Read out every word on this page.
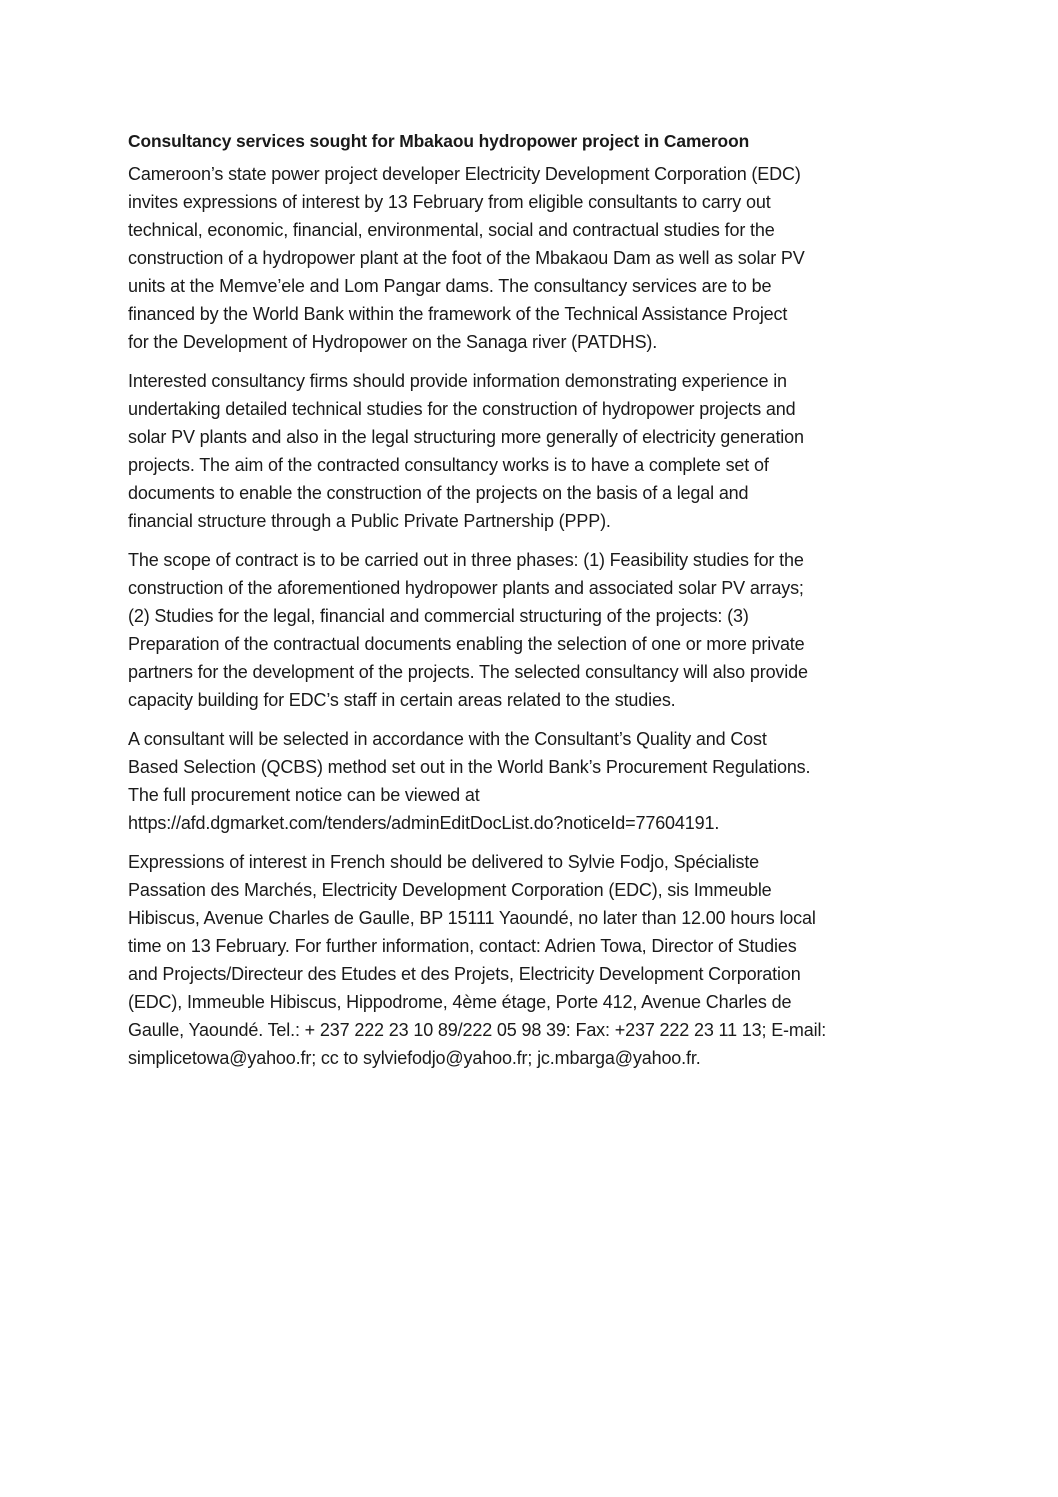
Consultancy services sought for Mbakaou hydropower project in Cameroon
Cameroon’s state power project developer Electricity Development Corporation (EDC)
invites expressions of interest by 13 February from eligible consultants to carry out
technical, economic, financial, environmental, social and contractual studies for the
construction of a hydropower plant at the foot of the Mbakaou Dam as well as solar PV
units at the Memve’ele and Lom Pangar dams. The consultancy services are to be
financed by the World Bank within the framework of the Technical Assistance Project
for the Development of Hydropower on the Sanaga river (PATDHS).
Interested consultancy firms should provide information demonstrating experience in
undertaking detailed technical studies for the construction of hydropower projects and
solar PV plants and also in the legal structuring more generally of electricity generation
projects. The aim of the contracted consultancy works is to have a complete set of
documents to enable the construction of the projects on the basis of a legal and
financial structure through a Public Private Partnership (PPP).
The scope of contract is to be carried out in three phases: (1) Feasibility studies for the
construction of the aforementioned hydropower plants and associated solar PV arrays;
(2) Studies for the legal, financial and commercial structuring of the projects: (3)
Preparation of the contractual documents enabling the selection of one or more private
partners for the development of the projects. The selected consultancy will also provide
capacity building for EDC’s staff in certain areas related to the studies.
A consultant will be selected in accordance with the Consultant’s Quality and Cost
Based Selection (QCBS) method set out in the World Bank’s Procurement Regulations.
The full procurement notice can be viewed at
https://afd.dgmarket.com/tenders/adminEditDocList.do?noticeId=77604191.
Expressions of interest in French should be delivered to Sylvie Fodjo, Spécialiste
Passation des Marchés, Electricity Development Corporation (EDC), sis Immeuble
Hibiscus, Avenue Charles de Gaulle, BP 15111 Yaoundé, no later than 12.00 hours local
time on 13 February. For further information, contact: Adrien Towa, Director of Studies
and Projects/Directeur des Etudes et des Projets, Electricity Development Corporation
(EDC), Immeuble Hibiscus, Hippodrome, 4ème étage, Porte 412, Avenue Charles de
Gaulle, Yaoundé. Tel.: + 237 222 23 10 89/222 05 98 39: Fax: +237 222 23 11 13; E-mail:
simplicetowa@yahoo.fr; cc to sylviefodjo@yahoo.fr; jc.mbarga@yahoo.fr.
